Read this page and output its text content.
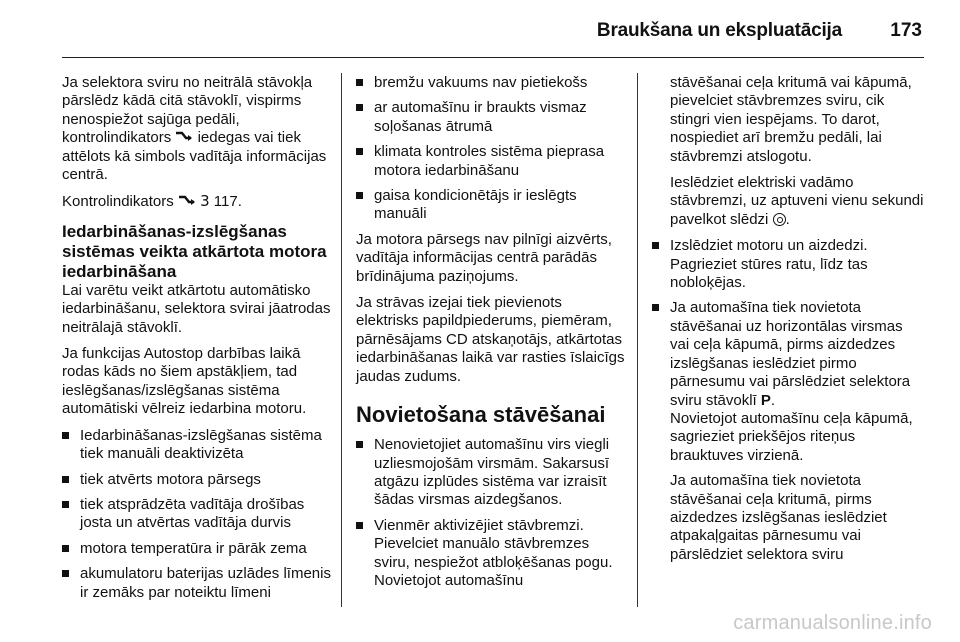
Braukšana un ekspluatācija	173

Ja selektora sviru no neitrālā stāvokļa pārslēdz kādā citā stāvoklī, vispirms nenospiežot sajūga pedāli, kontrolindikators  iedegas vai tiek attēlots kā simbols vadītāja informācijas centrā.

Kontrolindikators 3 117.

Iedarbināšanas-izslēgšanas sistēmas veikta atkārtota motora iedarbināšana

Lai varētu veikt atkārtotu automātisko iedarbināšanu, selektora svirai jāatrodas neitrālajā stāvoklī.

Ja funkcijas Autostop darbības laikā rodas kāds no šiem apstākļiem, tad ieslēgšanas/izslēgšanas sistēma automātiski vēlreiz iedarbina motoru.

Iedarbināšanas-izslēgšanas sistēma tiek manuāli deaktivizēta
tiek atvērts motora pārsegs
tiek atsprādzēta vadītāja drošības josta un atvērtas vadītāja durvis
motora temperatūra ir pārāk zema
akumulatoru baterijas uzlādes līmenis ir zemāks par noteiktu līmeni
bremžu vakuums nav pietiekošs
ar automašīnu ir braukts vismaz soļošanas ātrumā
klimata kontroles sistēma pieprasa motora iedarbināšanu
gaisa kondicionētājs ir ieslēgts manuāli

Ja motora pārsegs nav pilnīgi aizvērts, vadītāja informācijas centrā parādās brīdinājuma paziņojums.

Ja strāvas izejai tiek pievienots elektrisks papildpiederums, piemēram, pārnēsājams CD atskaņotājs, atkārtotas iedarbināšanas laikā var rasties īslaicīgs jaudas zudums.

Novietošana stāvēšanai
Nenovietojiet automašīnu virs viegli uzliesmojošām virsmām. Sakarsusī atgāzu izplūdes sistēma var izraisīt šādas virsmas aizdegšanos.
Vienmēr aktivizējiet stāvbremzi. Pievelciet manuālo stāvbremzes sviru, nespiežot atbloķēšanas pogu. Novietojot automašīnu

stāvēšanai ceļa kritumā vai kāpumā, pievelciet stāvbremzes sviru, cik stingri vien iespējams. To darot, nospiediet arī bremžu pedāli, lai stāvbremzi atslogotu.

Ieslēdziet elektriski vadāmo stāvbremzi, uz aptuveni vienu sekundi pavelkot slēdzi .

Izslēdziet motoru un aizdedzi. Pagrieziet stūres ratu, līdz tas nobloķējas.
Ja automašīna tiek novietota stāvēšanai uz horizontālas virsmas vai ceļa kāpumā, pirms aizdedzes izslēgšanas ieslēdziet pirmo pārnesumu vai pārslēdziet selektora sviru stāvoklī P.
Novietojot automašīnu ceļa kāpumā, sagrieziet priekšējos riteņus brauktuves virzienā.

Ja automašīna tiek novietota stāvēšanai ceļa kritumā, pirms aizdedzes izslēgšanas ieslēdziet atpakaļgaitas pārnesumu vai pārslēdziet selektora sviru

carmanualsonline.info
